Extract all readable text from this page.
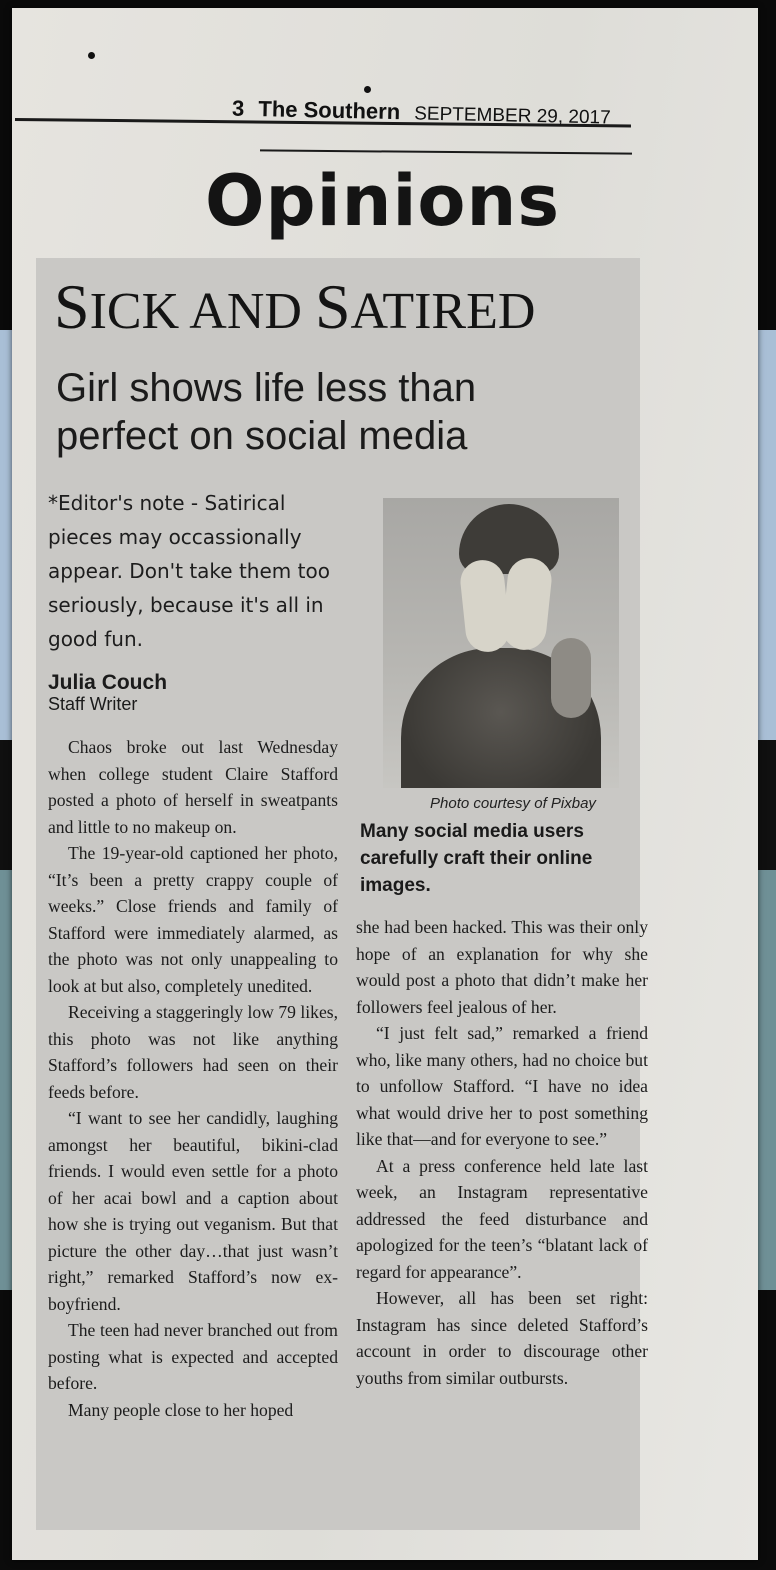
3 The Southern SEPTEMBER 29, 2017
Opinions
SICK AND SATIRED
Girl shows life less than perfect on social media
*Editor's note - Satirical pieces may occassionally appear. Don't take them too seriously, because it's all in good fun.
Julia Couch
Staff Writer
Photo courtesy of Pixbay
Many social media users carefully craft their online images.

Chaos broke out last Wednesday when college student Claire Stafford posted a photo of herself in sweatpants and little to no makeup on.

The 19-year-old captioned her photo, “It’s been a pretty crappy couple of weeks.” Close friends and family of Stafford were immediately alarmed, as the photo was not only unappealing to look at but also, completely unedited.

Receiving a staggeringly low 79 likes, this photo was not like anything Stafford’s followers had seen on their feeds before.

“I want to see her candidly, laughing amongst her beautiful, bikini-clad friends. I would even settle for a photo of her acai bowl and a caption about how she is trying out veganism. But that picture the other day…that just wasn’t right,” remarked Stafford’s now ex-boyfriend.

The teen had never branched out from posting what is expected and accepted before.

Many people close to her hoped

she had been hacked. This was their only hope of an explanation for why she would post a photo that didn’t make her followers feel jealous of her.

“I just felt sad,” remarked a friend who, like many others, had no choice but to unfollow Stafford. “I have no idea what would drive her to post something like that—and for everyone to see.”

At a press conference held late last week, an Instagram representative addressed the feed disturbance and apologized for the teen’s “blatant lack of regard for appearance”.

However, all has been set right: Instagram has since deleted Stafford’s account in order to discourage other youths from similar outbursts.
